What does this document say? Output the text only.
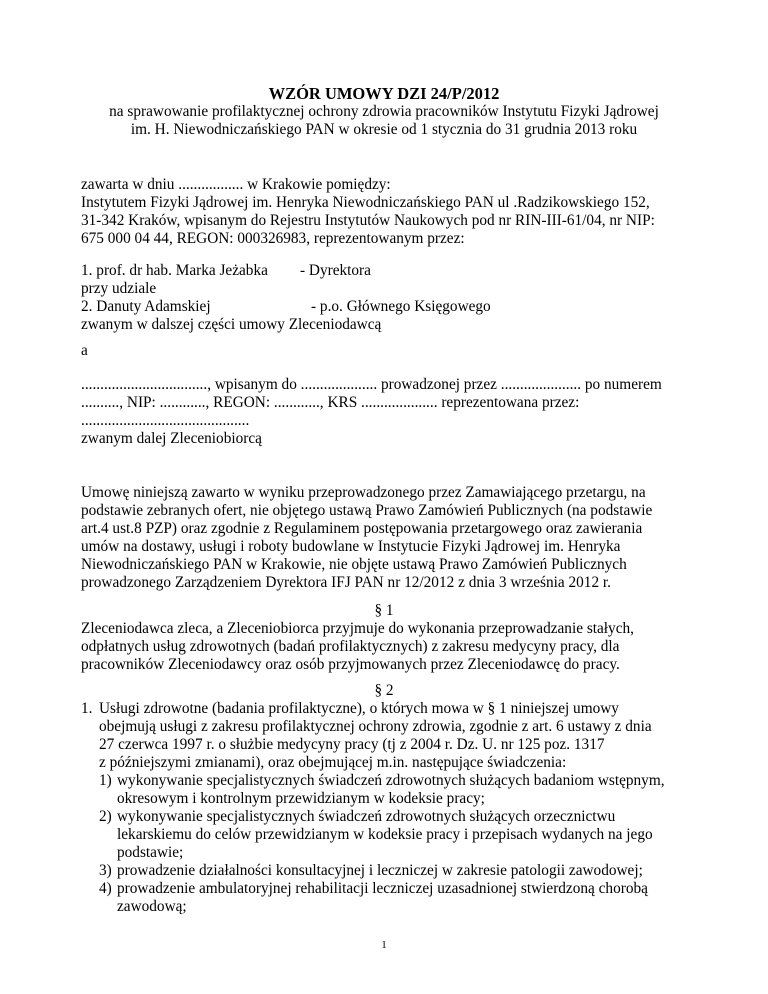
WZÓR UMOWY DZI 24/P/2012
na sprawowanie profilaktycznej ochrony zdrowia pracowników Instytutu Fizyki Jądrowej
im. H. Niewodniczańskiego PAN w okresie od 1 stycznia do 31 grudnia 2013 roku
zawarta w dniu ................. w Krakowie pomiędzy:
Instytutem Fizyki Jądrowej im. Henryka Niewodniczańskiego PAN ul .Radzikowskiego 152,
31-342 Kraków, wpisanym do Rejestru Instytutów Naukowych pod nr RIN-III-61/04, nr NIP:
675 000 04 44, REGON: 000326983, reprezentowanym przez:
1. prof. dr hab. Marka Jeżabka - Dyrektora
przy udziale
2. Danuty Adamskiej	- p.o. Głównego Księgowego
zwanym w dalszej części umowy Zleceniodawcą
a
................................., wpisanym do .................... prowadzonej przez ..................... po numerem
.........., NIP: ............, REGON: ............, KRS .................... reprezentowana przez:
............................................
zwanym dalej Zleceniobiorcą
Umowę niniejszą zawarto w wyniku przeprowadzonego przez Zamawiającego przetargu, na
podstawie zebranych ofert, nie objętego ustawą Prawo Zamówień Publicznych (na podstawie
art.4 ust.8 PZP) oraz zgodnie z Regulaminem postępowania przetargowego oraz zawierania
umów na dostawy, usługi i roboty budowlane w Instytucie Fizyki Jądrowej im. Henryka
Niewodniczańskiego PAN w Krakowie, nie objęte ustawą Prawo Zamówień Publicznych
prowadzonego Zarządzeniem Dyrektora IFJ PAN nr 12/2012 z dnia 3 września 2012 r.
§ 1
Zleceniodawca zleca, a Zleceniobiorca przyjmuje do wykonania przeprowadzanie stałych,
odpłatnych usług zdrowotnych (badań profilaktycznych) z zakresu medycyny pracy, dla
pracowników Zleceniodawcy oraz osób przyjmowanych przez Zleceniodawcę do pracy.
§ 2
1. Usługi zdrowotne (badania profilaktyczne), o których mowa w § 1 niniejszej umowy
obejmują usługi z zakresu profilaktycznej ochrony zdrowia, zgodnie z art. 6 ustawy z dnia
27 czerwca 1997 r. o służbie medycyny pracy (tj z 2004 r. Dz. U. nr 125 poz. 1317
z późniejszymi zmianami), oraz obejmującej m.in. następujące świadczenia:
1) wykonywanie specjalistycznych świadczeń zdrowotnych służących badaniom wstępnym,
okresowym i kontrolnym przewidzianym w kodeksie pracy;
2) wykonywanie specjalistycznych świadczeń zdrowotnych służących orzecznictwu
lekarskiemu do celów przewidzianym w kodeksie pracy i przepisach wydanych na jego
podstawie;
3) prowadzenie działalności konsultacyjnej i leczniczej w zakresie patologii zawodowej;
4) prowadzenie ambulatoryjnej rehabilitacji leczniczej uzasadnionej stwierdzoną chorobą
zawodową;
1
